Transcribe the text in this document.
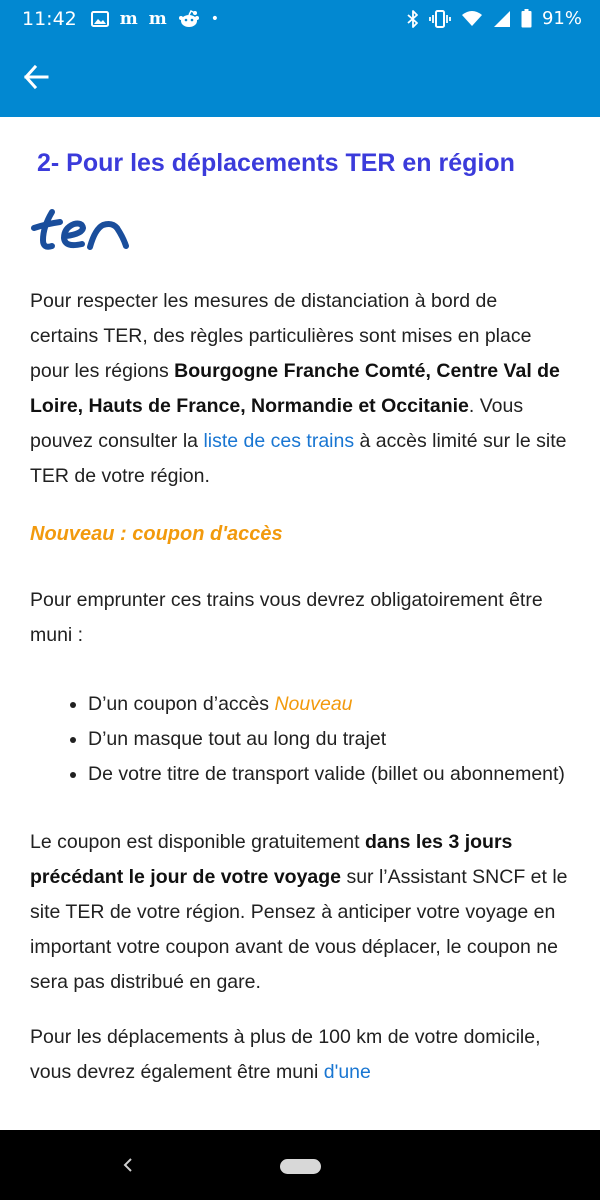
11:42	m m	•	91%
2- Pour les déplacements TER en région

Pour respecter les mesures de distanciation à bord de certains TER, des règles particulières sont mises en place pour les régions Bourgogne Franche Comté, Centre Val de Loire, Hauts de France, Normandie et Occitanie. Vous pouvez consulter la liste de ces trains à accès limité sur le site TER de votre région.

Nouveau : coupon d'accès

Pour emprunter ces trains vous devrez obligatoirement être muni :

• D’un coupon d’accès Nouveau
• D’un masque tout au long du trajet
• De votre titre de transport valide (billet ou abonnement)

Le coupon est disponible gratuitement dans les 3 jours précédant le jour de votre voyage sur l’Assistant SNCF et le site TER de votre région. Pensez à anticiper votre voyage en important votre coupon avant de vous déplacer, le coupon ne sera pas distribué en gare.

Pour les déplacements à plus de 100 km de votre domicile, vous devrez également être muni d'une
